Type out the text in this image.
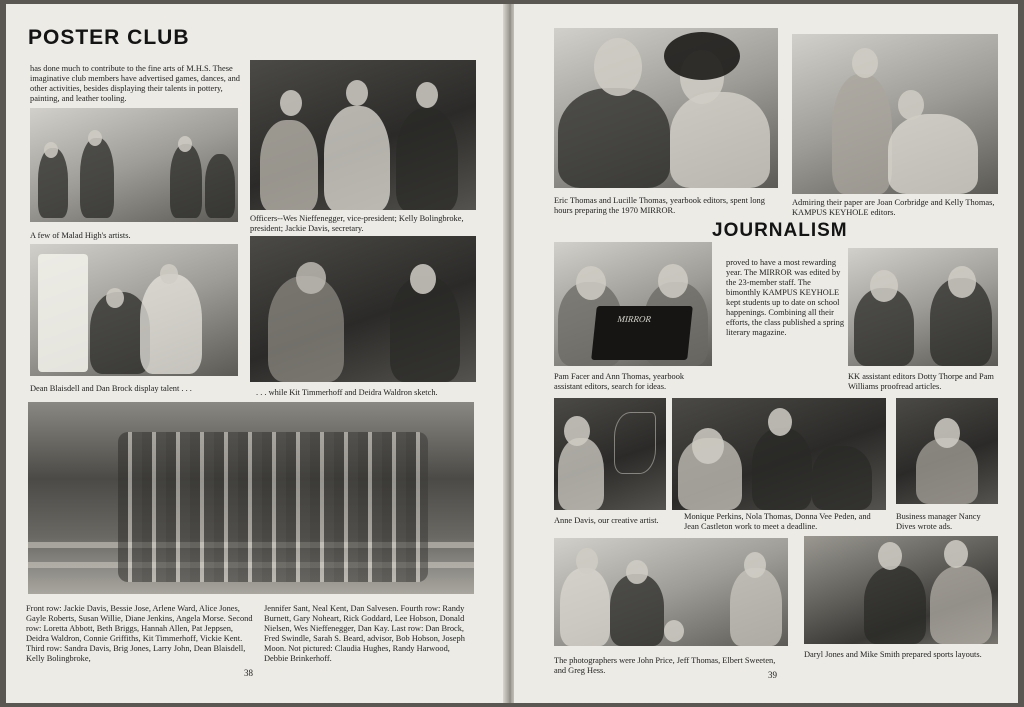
POSTER CLUB
has done much to contribute to the fine arts of M.H.S. These imaginative club members have advertised games, dances, and other activities, besides displaying their talents in pottery, painting, and leather tooling.
A few of Malad High's artists.
Officers--Wes Nieffenegger, vice-president; Kelly Bolingbroke, president; Jackie Davis, secretary.
Dean Blaisdell and Dan Brock display talent . . .	. . . while Kit Timmerhoff and Deidra Waldron sketch.
Front row: Jackie Davis, Bessie Jose, Arlene Ward, Alice Jones, Gayle Roberts, Susan Willie, Diane Jenkins, Angela Morse. Second row: Loretta Abbott, Beth Briggs, Hannah Allen, Pat Jeppsen, Deidra Waldron, Connie Griffiths, Kit Timmerhoff, Vickie Kent. Third row: Sandra Davis, Brig Jones, Larry John, Dean Blaisdell, Kelly Bolingbroke,
Jennifer Sant, Neal Kent, Dan Salvesen. Fourth row: Randy Burnett, Gary Noheart, Rick Goddard, Lee Hobson, Donald Nielsen, Wes Nieffenegger, Dan Kay. Last row: Dan Brock, Fred Swindle, Sarah S. Beard, advisor, Bob Hobson, Joseph Moon. Not pictured: Claudia Hughes, Randy Harwood, Debbie Brinkerhoff.
38
Eric Thomas and Lucille Thomas, yearbook editors, spent long hours preparing the 1970 MIRROR.
Admiring their paper are Joan Corbridge and Kelly Thomas, KAMPUS KEYHOLE editors.
JOURNALISM
MIRROR
Pam Facer and Ann Thomas, yearbook assistant editors, search for ideas.
proved to have a most rewarding year. The MIRROR was edited by the 23-member staff. The bimonthly KAMPUS KEYHOLE kept students up to date on school happenings. Combining all their efforts, the class published a spring literary magazine.
KK assistant editors Dotty Thorpe and Pam Williams proofread articles.
Anne Davis, our creative artist.	Monique Perkins, Nola Thomas, Donna Vee Peden, and Jean Castleton work to meet a deadline.
Business manager Nancy Dives wrote ads.
The photographers were John Price, Jeff Thomas, Elbert Sweeten, and Greg Hess.
Daryl Jones and Mike Smith prepared sports layouts.
39
